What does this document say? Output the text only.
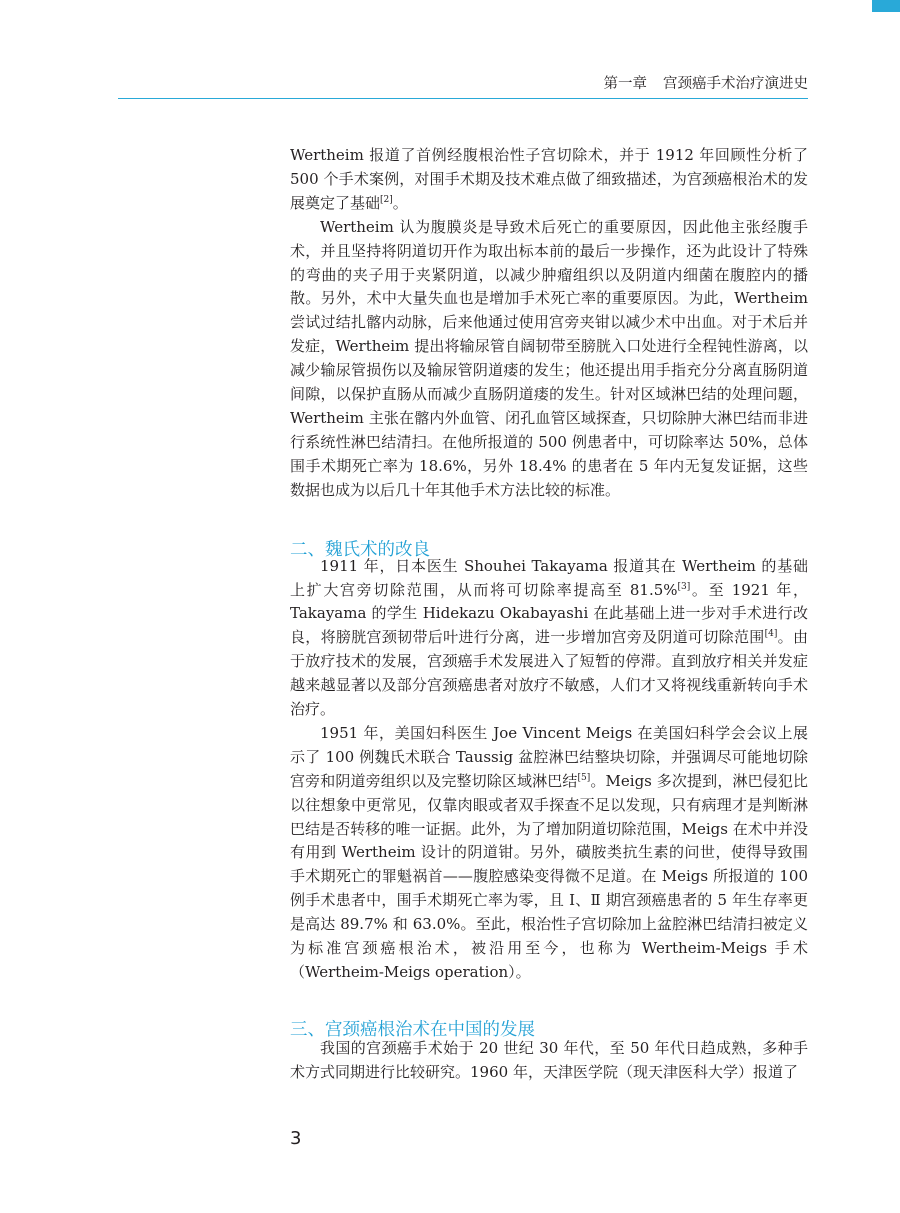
第一章 宫颈癌手术治疗演进史

Wertheim 报道了首例经腹根治性子宫切除术，并于 1912 年回顾性分析了 500 个手术案例，对围手术期及技术难点做了细致描述，为宫颈癌根治术的发展奠定了基础[2]。

Wertheim 认为腹膜炎是导致术后死亡的重要原因，因此他主张经腹手术，并且坚持将阴道切开作为取出标本前的最后一步操作，还为此设计了特殊的弯曲的夹子用于夹紧阴道，以减少肿瘤组织以及阴道内细菌在腹腔内的播散。另外，术中大量失血也是增加手术死亡率的重要原因。为此，Wertheim 尝试过结扎髂内动脉，后来他通过使用宫旁夹钳以减少术中出血。对于术后并发症，Wertheim 提出将输尿管自阔韧带至膀胱入口处进行全程钝性游离，以减少输尿管损伤以及输尿管阴道瘘的发生；他还提出用手指充分分离直肠阴道间隙，以保护直肠从而减少直肠阴道瘘的发生。针对区域淋巴结的处理问题，Wertheim 主张在髂内外血管、闭孔血管区域探查，只切除肿大淋巴结而非进行系统性淋巴结清扫。在他所报道的 500 例患者中，可切除率达 50%，总体围手术期死亡率为 18.6%，另外 18.4% 的患者在 5 年内无复发证据，这些数据也成为以后几十年其他手术方法比较的标准。

1911 年，日本医生 Shouhei Takayama 报道其在 Wertheim 的基础上扩大宫旁切除范围，从而将可切除率提高至 81.5%[3]。至 1921 年，Takayama 的学生 Hidekazu Okabayashi 在此基础上进一步对手术进行改良，将膀胱宫颈韧带后叶进行分离，进一步增加宫旁及阴道可切除范围[4]。由于放疗技术的发展，宫颈癌手术发展进入了短暂的停滞。直到放疗相关并发症越来越显著以及部分宫颈癌患者对放疗不敏感，人们才又将视线重新转向手术治疗。

1951 年，美国妇科医生 Joe Vincent Meigs 在美国妇科学会会议上展示了 100 例魏氏术联合 Taussig 盆腔淋巴结整块切除，并强调尽可能地切除宫旁和阴道旁组织以及完整切除区域淋巴结[5]。Meigs 多次提到，淋巴侵犯比以往想象中更常见，仅靠肉眼或者双手探查不足以发现，只有病理才是判断淋巴结是否转移的唯一证据。此外，为了增加阴道切除范围，Meigs 在术中并没有用到 Wertheim 设计的阴道钳。另外，磺胺类抗生素的问世，使得导致围手术期死亡的罪魁祸首——腹腔感染变得微不足道。在 Meigs 所报道的 100 例手术患者中，围手术期死亡率为零，且 Ⅰ、Ⅱ 期宫颈癌患者的 5 年生存率更是高达 89.7% 和 63.0%。至此，根治性子宫切除加上盆腔淋巴结清扫被定义为标准宫颈癌根治术，被沿用至今，也称为 Wertheim-Meigs 手术（Wertheim-Meigs operation）。

我国的宫颈癌手术始于 20 世纪 30 年代，至 50 年代日趋成熟，多种手术方式同期进行比较研究。1960 年，天津医学院（现天津医科大学）报道了

二、魏氏术的改良
三、宫颈癌根治术在中国的发展
3
